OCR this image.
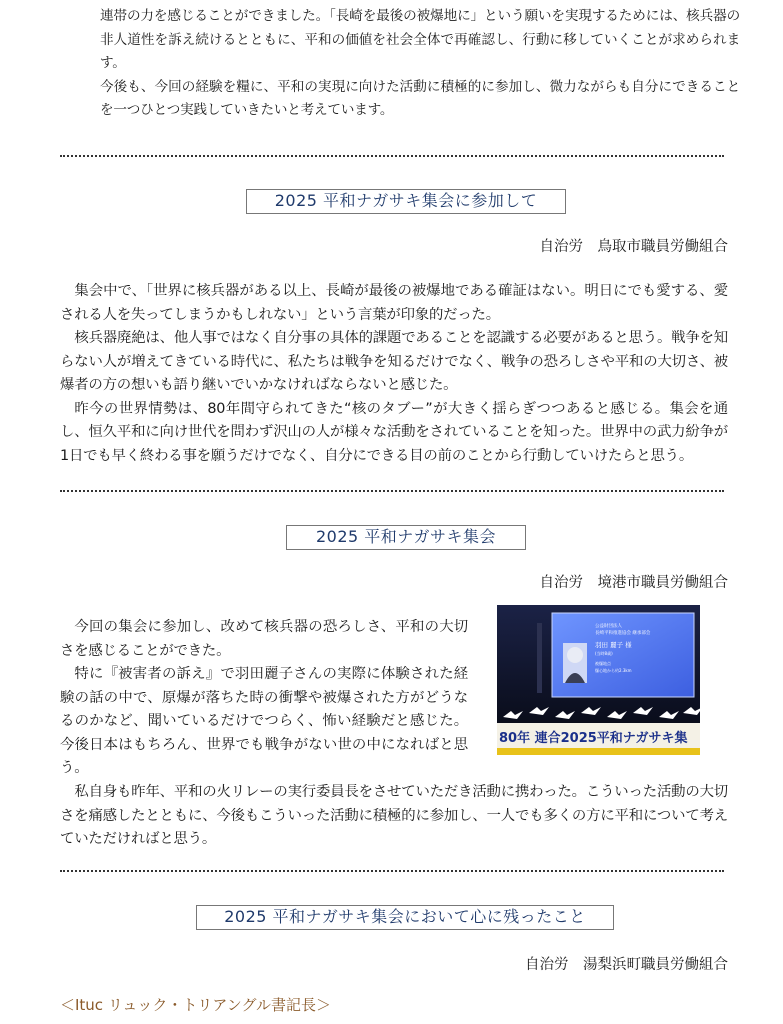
連帯の力を感じることができました。「長崎を最後の被爆地に」という願いを実現するためには、核兵器の非人道性を訴え続けるとともに、平和の価値を社会全体で再確認し、行動に移していくことが求められます。

今後も、今回の経験を糧に、平和の実現に向けた活動に積極的に参加し、微力ながらも自分にできることを一つひとつ実践していきたいと考えています。

2025 平和ナガサキ集会に参加して
自治労　鳥取市職員労働組合
集会中で、「世界に核兵器がある以上、長崎が最後の被爆地である確証はない。明日にでも愛する、愛される人を失ってしまうかもしれない」という言葉が印象的だった。
核兵器廃絶は、他人事ではなく自分事の具体的課題であることを認識する必要があると思う。戦争を知らない人が増えてきている時代に、私たちは戦争を知るだけでなく、戦争の恐ろしさや平和の大切さ、被爆者の方の想いも語り継いでいかなければならないと感じた。
昨今の世界情勢は、80年間守られてきた“核のタブー”が大きく揺らぎつつあると感じる。集会を通し、恒久平和に向け世代を問わず沢山の人が様々な活動をされていることを知った。世界中の武力紛争が1日でも早く終わる事を願うだけでなく、自分にできる目の前のことから行動していけたらと思う。
2025 平和ナガサキ集会
自治労　境港市職員労働組合
今回の集会に参加し、改めて核兵器の恐ろしさ、平和の大切さを感じることができた。
特に『被害者の訴え』で羽田麗子さんの実際に体験された経験の話の中で、原爆が落ちた時の衝撃や被爆された方がどうなるのかなど、聞いているだけでつらく、怖い経験だと感じた。今後日本はもちろん、世界でも戦争がない世の中になればと思う。
公益財団法人
長崎平和推進協会 継承部会
羽田 麗子 様
(当時8歳)
被爆地点
爆心地から約2.3km
80年 連合2025平和ナガサキ集
私自身も昨年、平和の火リレーの実行委員長をさせていただき活動に携わった。こういった活動の大切さを痛感したとともに、今後もこういった活動に積極的に参加し、一人でも多くの方に平和について考えていただければと思う。
2025 平和ナガサキ集会において心に残ったこと
自治労　湯梨浜町職員労働組合
＜Ituc リュック・トリアングル書記長＞
